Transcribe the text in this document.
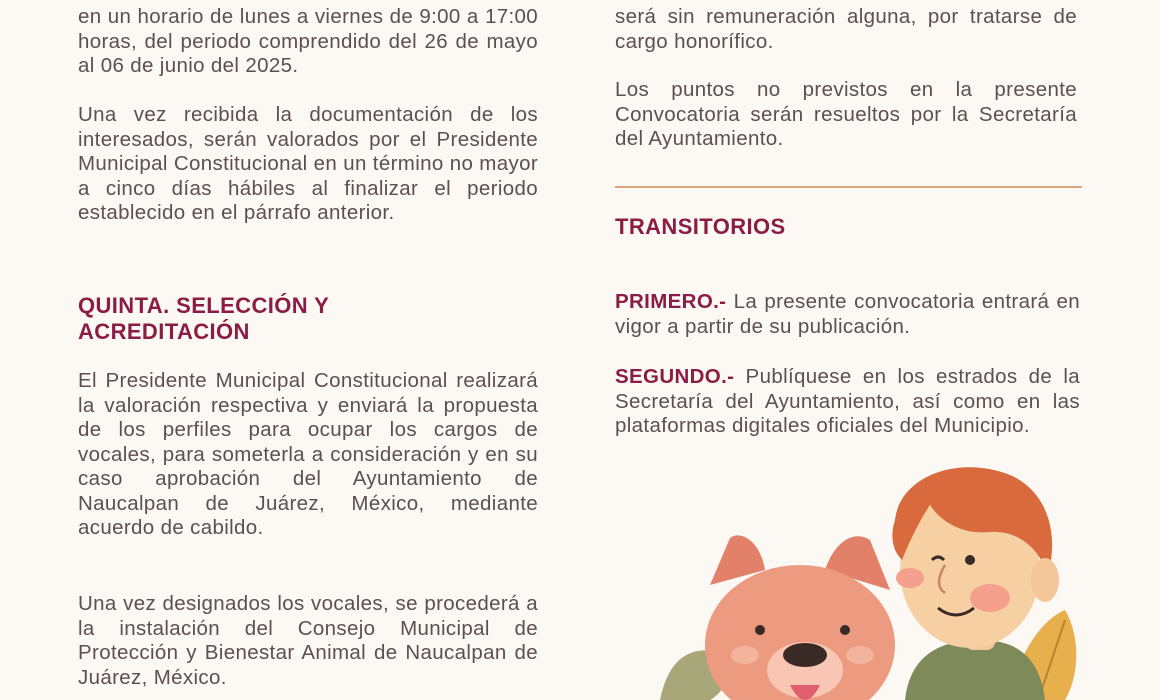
en un horario de lunes a viernes de 9:00 a 17:00 horas, del periodo comprendido del 26 de mayo al 06 de junio del 2025.

Una vez recibida la documentación de los interesados, serán valorados por el Presidente Municipal Constitucional en un término no mayor a cinco días hábiles al finalizar el periodo establecido en el párrafo anterior.

QUINTA. SELECCIÓN Y ACREDITACIÓN

El Presidente Municipal Constitucional realizará la valoración respectiva y enviará la propuesta de los perfiles para ocupar los cargos de vocales, para someterla a consideración y en su caso aprobación del Ayuntamiento de Naucalpan de Juárez, México, mediante acuerdo de cabildo.

Una vez designados los vocales, se procederá a la instalación del Consejo Municipal de Protección y Bienestar Animal de Naucalpan de Juárez, México.

será sin remuneración alguna, por tratarse de cargo honorífico.

Los puntos no previstos en la presente Convocatoria serán resueltos por la Secretaría del Ayuntamiento.

TRANSITORIOS

PRIMERO.- La presente convocatoria entrará en vigor a partir de su publicación.

SEGUNDO.- Publíquese en los estrados de la Secretaría del Ayuntamiento, así como en las plataformas digitales oficiales del Municipio.
